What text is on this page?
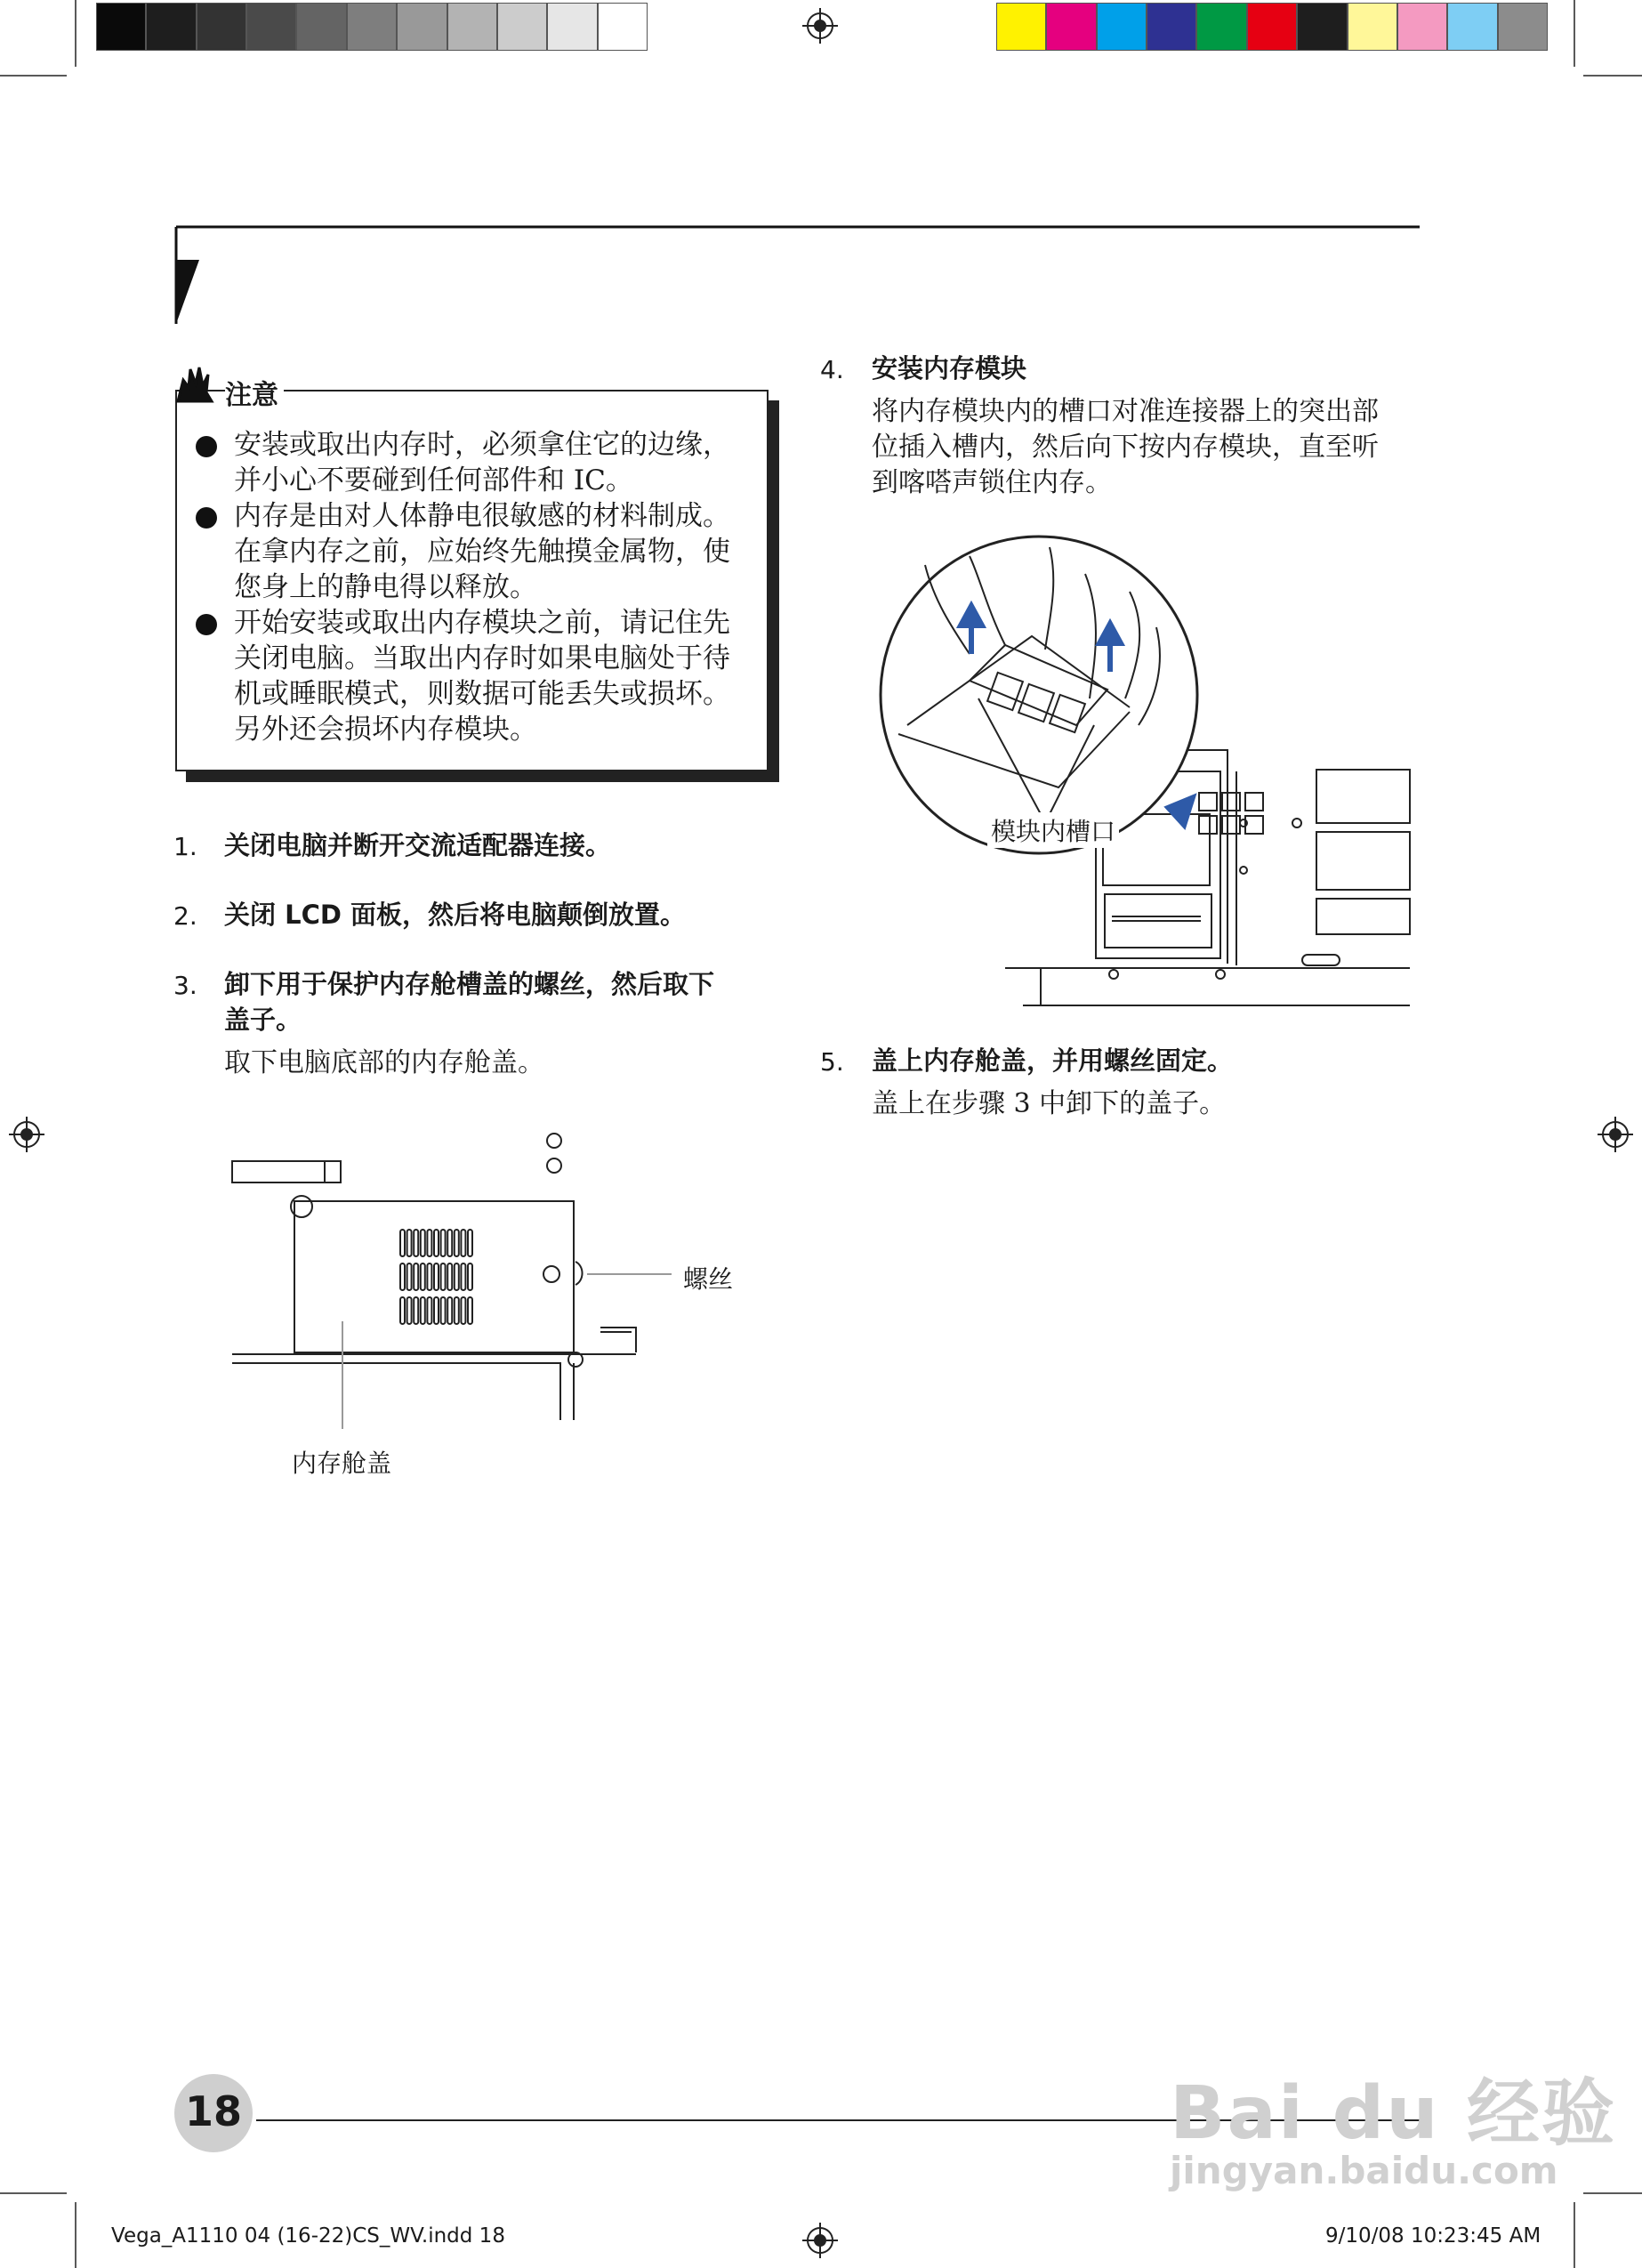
注意
安装或取出内存时，必须拿住它的边缘，
并小心不要碰到任何部件和 IC。
内存是由对人体静电很敏感的材料制成。
在拿内存之前，应始终先触摸金属物，使
您身上的静电得以释放。
开始安装或取出内存模块之前，请记住先
关闭电脑。当取出内存时如果电脑处于待
机或睡眠模式，则数据可能丢失或损坏。
另外还会损坏内存模块。
1. 关闭电脑并断开交流适配器连接。
2. 关闭 LCD 面板，然后将电脑颠倒放置。
3. 卸下用于保护内存舱槽盖的螺丝，然后取下
盖子。
取下电脑底部的内存舱盖。
螺丝
内存舱盖
4. 安装内存模块
将内存模块内的槽口对准连接器上的突出部
位插入槽内，然后向下按内存模块，直至听
到喀嗒声锁住内存。
模块内槽口
5. 盖上内存舱盖，并用螺丝固定。
盖上在步骤 3 中卸下的盖子。
18	Bai du 经验
jingyan.baidu.com
Vega_A1110 04 (16-22)CS_WV.indd 18	9/10/08 10:23:45 AM
